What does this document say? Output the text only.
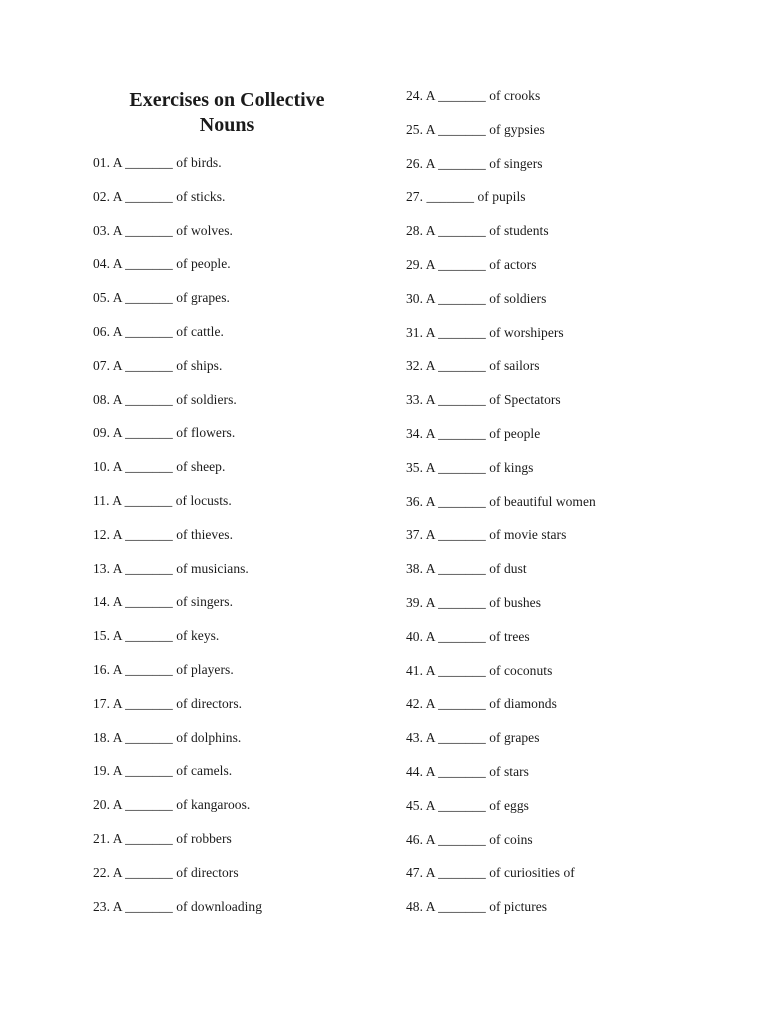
Exercises on Collective
Nouns
01. A _______ of birds.
02. A _______ of sticks.
03. A _______ of wolves.
04. A _______ of people.
05. A _______ of grapes.
06. A _______ of cattle.
07. A _______ of ships.
08. A _______ of soldiers.
09. A _______ of flowers.
10. A _______ of sheep.
11. A _______ of locusts.
12. A _______ of thieves.
13. A _______ of musicians.
14. A _______ of singers.
15. A _______ of keys.
16. A _______ of players.
17. A _______ of directors.
18. A _______ of dolphins.
19. A _______ of camels.
20. A _______ of kangaroos.
21. A _______ of robbers
22. A _______ of directors
23. A _______ of downloading
24. A _______ of crooks
25. A _______ of gypsies
26. A _______ of singers
27. _______ of pupils
28. A _______ of students
29. A _______ of actors
30. A _______ of soldiers
31. A _______ of worshipers
32. A _______ of sailors
33. A _______ of Spectators
34. A _______ of people
35. A _______ of kings
36. A _______ of beautiful women
37. A _______ of movie stars
38. A _______ of dust
39. A _______ of bushes
40. A _______ of trees
41. A _______ of coconuts
42. A _______ of diamonds
43. A _______ of grapes
44. A _______ of stars
45. A _______ of eggs
46. A _______ of coins
47. A _______ of curiosities of
48. A _______ of pictures
